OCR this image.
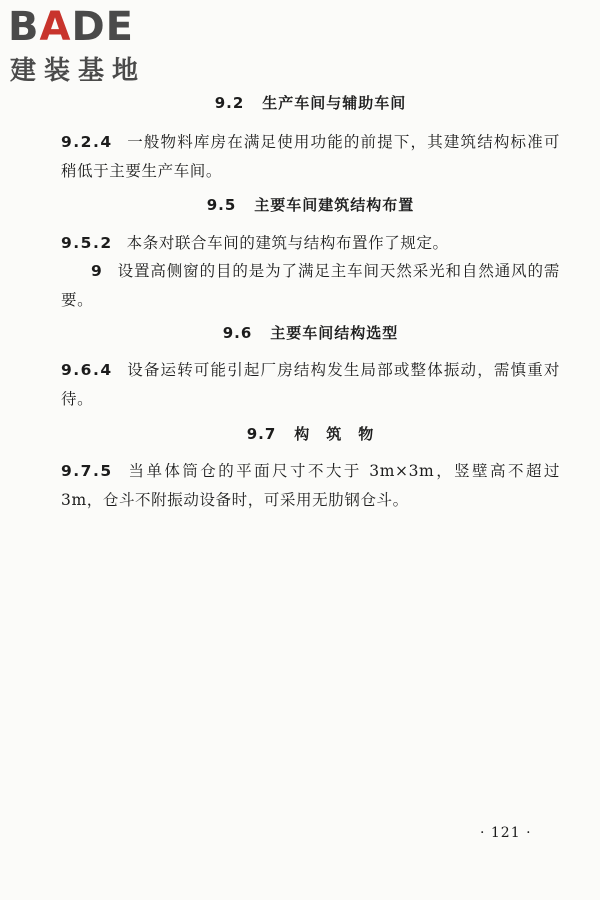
BADE
建装基地
9.2 生产车间与辅助车间
9.2.4 一般物料库房在满足使用功能的前提下，其建筑结构标准可稍低于主要生产车间。
9.5 主要车间建筑结构布置
9.5.2 本条对联合车间的建筑与结构布置作了规定。
9 设置高侧窗的目的是为了满足主车间天然采光和自然通风的需要。
9.6 主要车间结构选型
9.6.4 设备运转可能引起厂房结构发生局部或整体振动，需慎重对待。
9.7 构　筑　物
9.7.5 当单体筒仓的平面尺寸不大于 3m×3m，竖壁高不超过3m，仓斗不附振动设备时，可采用无肋钢仓斗。
· 121 ·
